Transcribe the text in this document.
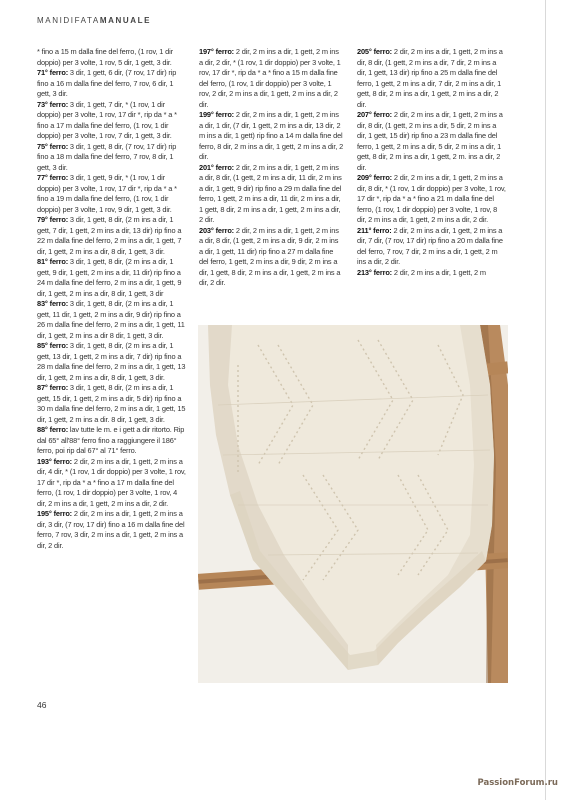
MANIDIFATAMANUALE

* fino a 15 m dalla fine del ferro, (1 rov, 1 dir doppio) per 3 volte, 1 rov, 5 dir, 1 gett, 3 dir.

71° ferro: 3 dir, 1 gett, 6 dir, (7 rov, 17 dir) rip fino a 16 m dalla fine del ferro, 7 rov, 6 dir, 1 gett, 3 dir.

73° ferro: 3 dir, 1 gett, 7 dir, * (1 rov, 1 dir doppio) per 3 volte, 1 rov, 17 dir *, rip da * a * fino a 17 m dalla fine del ferro, (1 rov, 1 dir doppio) per 3 volte, 1 rov, 7 dir, 1 gett, 3 dir.

75° ferro: 3 dir, 1 gett, 8 dir, (7 rov, 17 dir) rip fino a 18 m dalla fine del ferro, 7 rov, 8 dir, 1 gett, 3 dir.

77° ferro: 3 dir, 1 gett, 9 dir, * (1 rov, 1 dir doppio) per 3 volte, 1 rov, 17 dir *, rip da * a * fino a 19 m dalla fine del ferro, (1 rov, 1 dir doppio) per 3 volte, 1 rov, 9 dir, 1 gett, 3 dir.

79° ferro: 3 dir, 1 gett, 8 dir, (2 m ins a dir, 1 gett, 7 dir, 1 gett, 2 m ins a dir, 13 dir) rip fino a 22 m dalla fine del ferro, 2 m ins a dir, 1 gett, 7 dir, 1 gett, 2 m ins a dir, 8 dir, 1 gett, 3 dir.

81° ferro: 3 dir, 1 gett, 8 dir, (2 m ins a dir, 1 gett, 9 dir, 1 gett, 2 m ins a dir, 11 dir) rip fino a 24 m dalla fine del ferro, 2 m ins a dir, 1 gett, 9 dir, 1 gett, 2 m ins a dir, 8 dir, 1 gett, 3 dir

83° ferro: 3 dir, 1 gett, 8 dir, (2 m ins a dir, 1 gett, 11 dir, 1 gett, 2 m ins a dir, 9 dir) rip fino a 26 m dalla fine del ferro, 2 m ins a dir, 1 gett, 11 dir, 1 gett, 2 m ins a dir 8 dir, 1 gett, 3 dir.

85° ferro: 3 dir, 1 gett, 8 dir, (2 m ins a dir, 1 gett, 13 dir, 1 gett, 2 m ins a dir, 7 dir) rip fino a 28 m dalla fine del ferro, 2 m ins a dir, 1 gett, 13 dir, 1 gett, 2 m ins a dir, 8 dir, 1 gett, 3 dir.

87° ferro: 3 dir, 1 gett, 8 dir, (2 m ins a dir, 1 gett, 15 dir, 1 gett, 2 m ins a dir, 5 dir) rip fino a 30 m dalla fine del ferro, 2 m ins a dir, 1 gett, 15 dir, 1 gett, 2 m ins a dir. 8 dir, 1 gett, 3 dir.

88° ferro: lav tutte le m. e i gett a dir ritorto. Rip dal 65° all'88° ferro fino a raggiungere il 186° ferro, poi rip dal 67° al 71° ferro.

193° ferro: 2 dir, 2 m ins a dir, 1 gett, 2 m ins a dir, 4 dir, * (1 rov, 1 dir doppio) per 3 volte, 1 rov, 17 dir *, rip da * a * fino a 17 m dalla fine del ferro, (1 rov, 1 dir doppio) per 3 volte, 1 rov, 4 dir, 2 m ins a dir, 1 gett, 2 m ins a dir, 2 dir.

195° ferro: 2 dir, 2 m ins a dir, 1 gett, 2 m ins a dir, 3 dir, (7 rov, 17 dir) fino a 16 m dalla fine del ferro, 7 rov, 3 dir, 2 m ins a dir, 1 gett, 2 m ins a dir, 2 dir.

197° ferro: 2 dir, 2 m ins a dir, 1 gett, 2 m ins a dir, 2 dir, * (1 rov, 1 dir doppio) per 3 volte, 1 rov, 17 dir *, rip da * a * fino a 15 m dalla fine del ferro, (1 rov, 1 dir doppio) per 3 volte, 1 rov, 2 dir, 2 m ins a dir, 1 gett, 2 m ins a dir, 2 dir.

199° ferro: 2 dir, 2 m ins a dir, 1 gett, 2 m ins a dir, 1 dir, (7 dir, 1 gett, 2 m ins a dir, 13 dir, 2 m ins a dir, 1 gett) rip fino a 14 m dalla fine del ferro, 8 dir, 2 m ins a dir, 1 gett, 2 m ins a dir, 2 dir.

201° ferro: 2 dir, 2 m ins a dir, 1 gett, 2 m ins a dir, 8 dir, (1 gett, 2 m ins a dir, 11 dir, 2 m ins a dir, 1 gett, 9 dir) rip fino a 29 m dalla fine del ferro, 1 gett, 2 m ins a dir, 11 dir, 2 m ins a dir, 1 gett, 8 dir, 2 m ins a dir, 1 gett, 2 m ins a dir, 2 dir.

203° ferro: 2 dir, 2 m ins a dir, 1 gett, 2 m ins a dir, 8 dir, (1 gett, 2 m ins a dir, 9 dir, 2 m ins a dir, 1 gett, 11 dir) rip fino a 27 m dalla fine del ferro, 1 gett, 2 m ins a dir, 9 dir, 2 m ins a dir, 1 gett, 8 dir, 2 m ins a dir, 1 gett, 2 m ins a dir, 2 dir.

205° ferro: 2 dir, 2 m ins a dir, 1 gett, 2 m ins a dir, 8 dir, (1 gett, 2 m ins a dir, 7 dir, 2 m ins a dir, 1 gett, 13 dir) rip fino a 25 m dalla fine del ferro, 1 gett, 2 m ins a dir, 7 dir, 2 m ins a dir, 1 gett, 8 dir, 2 m ins a dir, 1 gett, 2 m ins a dir, 2 dir.

207° ferro: 2 dir, 2 m ins a dir, 1 gett, 2 m ins a dir, 8 dir, (1 gett, 2 m ins a dir, 5 dir, 2 m ins a dir, 1 gett, 15 dir) rip fino a 23 m dalla fine del ferro, 1 gett, 2 m ins a dir, 5 dir, 2 m ins a dir, 1 gett, 8 dir, 2 m ins a dir, 1 gett, 2 m. ins a dir, 2 dir.

209° ferro: 2 dir, 2 m ins a dir, 1 gett, 2 m ins a dir, 8 dir, * (1 rov, 1 dir doppio) per 3 volte, 1 rov, 17 dir *, rip da * a * fino a 21 m dalla fine del ferro, (1 rov, 1 dir doppio) per 3 volte, 1 rov, 8 dir, 2 m ins a dir, 1 gett, 2 m ins a dir, 2 dir.

211° ferro: 2 dir, 2 m ins a dir, 1 gett, 2 m ins a dir, 7 dir, (7 rov, 17 dir) rip fino a 20 m dalla fine del ferro, 7 rov, 7 dir, 2 m ins a dir, 1 gett, 2 m ins a dir, 2 dir.

213° ferro: 2 dir, 2 m ins a dir, 1 gett, 2 m

46
PassionForum.ru
